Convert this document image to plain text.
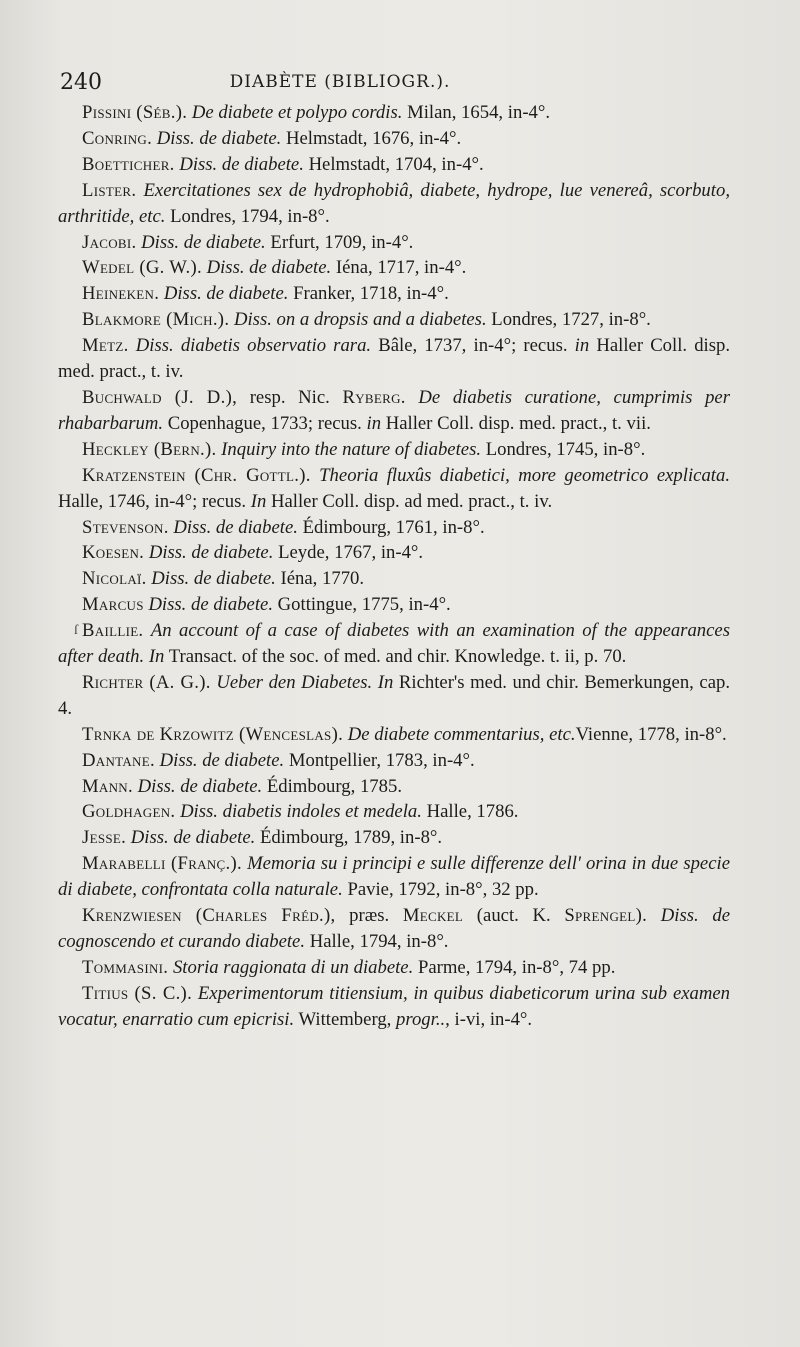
240	DIABÈTE (BIBLIOGR.).

Pissini (Séb.). De diabete et polypo cordis. Milan, 1654, in-4°.

Conring. Diss. de diabete. Helmstadt, 1676, in-4°.

Boetticher. Diss. de diabete. Helmstadt, 1704, in-4°.

Lister. Exercitationes sex de hydrophobiâ, diabete, hydrope, lue venereâ, scorbuto, arthritide, etc. Londres, 1794, in-8°.

Jacobi. Diss. de diabete. Erfurt, 1709, in-4°.

Wedel (G. W.). Diss. de diabete. Iéna, 1717, in-4°.

Heineken. Diss. de diabete. Franker, 1718, in-4°.

Blakmore (Mich.). Diss. on a dropsis and a diabetes. Londres, 1727, in-8°.

Metz. Diss. diabetis observatio rara. Bâle, 1737, in-4°; recus. in Haller Coll. disp. med. pract., t. iv.

Buchwald (J. D.), resp. Nic. Ryberg. De diabetis curatione, cumprimis per rhabarbarum. Copenhague, 1733; recus. in Haller Coll. disp. med. pract., t. vii.

Heckley (Bern.). Inquiry into the nature of diabetes. Londres, 1745, in-8°.

Kratzenstein (Chr. Gottl.). Theoria fluxûs diabetici, more geometrico explicata. Halle, 1746, in-4°; recus. In Haller Coll. disp. ad med. pract., t. iv.

Stevenson. Diss. de diabete. Édimbourg, 1761, in-8°.

Koesen. Diss. de diabete. Leyde, 1767, in-4°.

Nicolaï. Diss. de diabete. Iéna, 1770.

Marcus Diss. de diabete. Gottingue, 1775, in-4°.

ſ Baillie. An account of a case of diabetes with an examination of the appearances after death. In Transact. of the soc. of med. and chir. Knowledge. t. ii, p. 70.

Richter (A. G.). Ueber den Diabetes. In Richter's med. und chir. Bemerkungen, cap. 4.

Trnka de Krzowitz (Wenceslas). De diabete commentarius, etc.Vienne, 1778, in-8°.

Dantane. Diss. de diabete. Montpellier, 1783, in-4°.

Mann. Diss. de diabete. Édimbourg, 1785.

Goldhagen. Diss. diabetis indoles et medela. Halle, 1786.

Jesse. Diss. de diabete. Édimbourg, 1789, in-8°.

Marabelli (Franç.). Memoria su i principi e sulle differenze dell' orina in due specie di diabete, confrontata colla naturale. Pavie, 1792, in-8°, 32 pp.

Krenzwiesen (Charles Fréd.), præs. Meckel (auct. K. Sprengel). Diss. de cognoscendo et curando diabete. Halle, 1794, in-8°.

Tommasini. Storia raggionata di un diabete. Parme, 1794, in-8°, 74 pp.

Titius (S. C.). Experimentorum titiensium, in quibus diabeticorum urina sub examen vocatur, enarratio cum epicrisi. Wittemberg, progr.., i-vi, in-4°.
